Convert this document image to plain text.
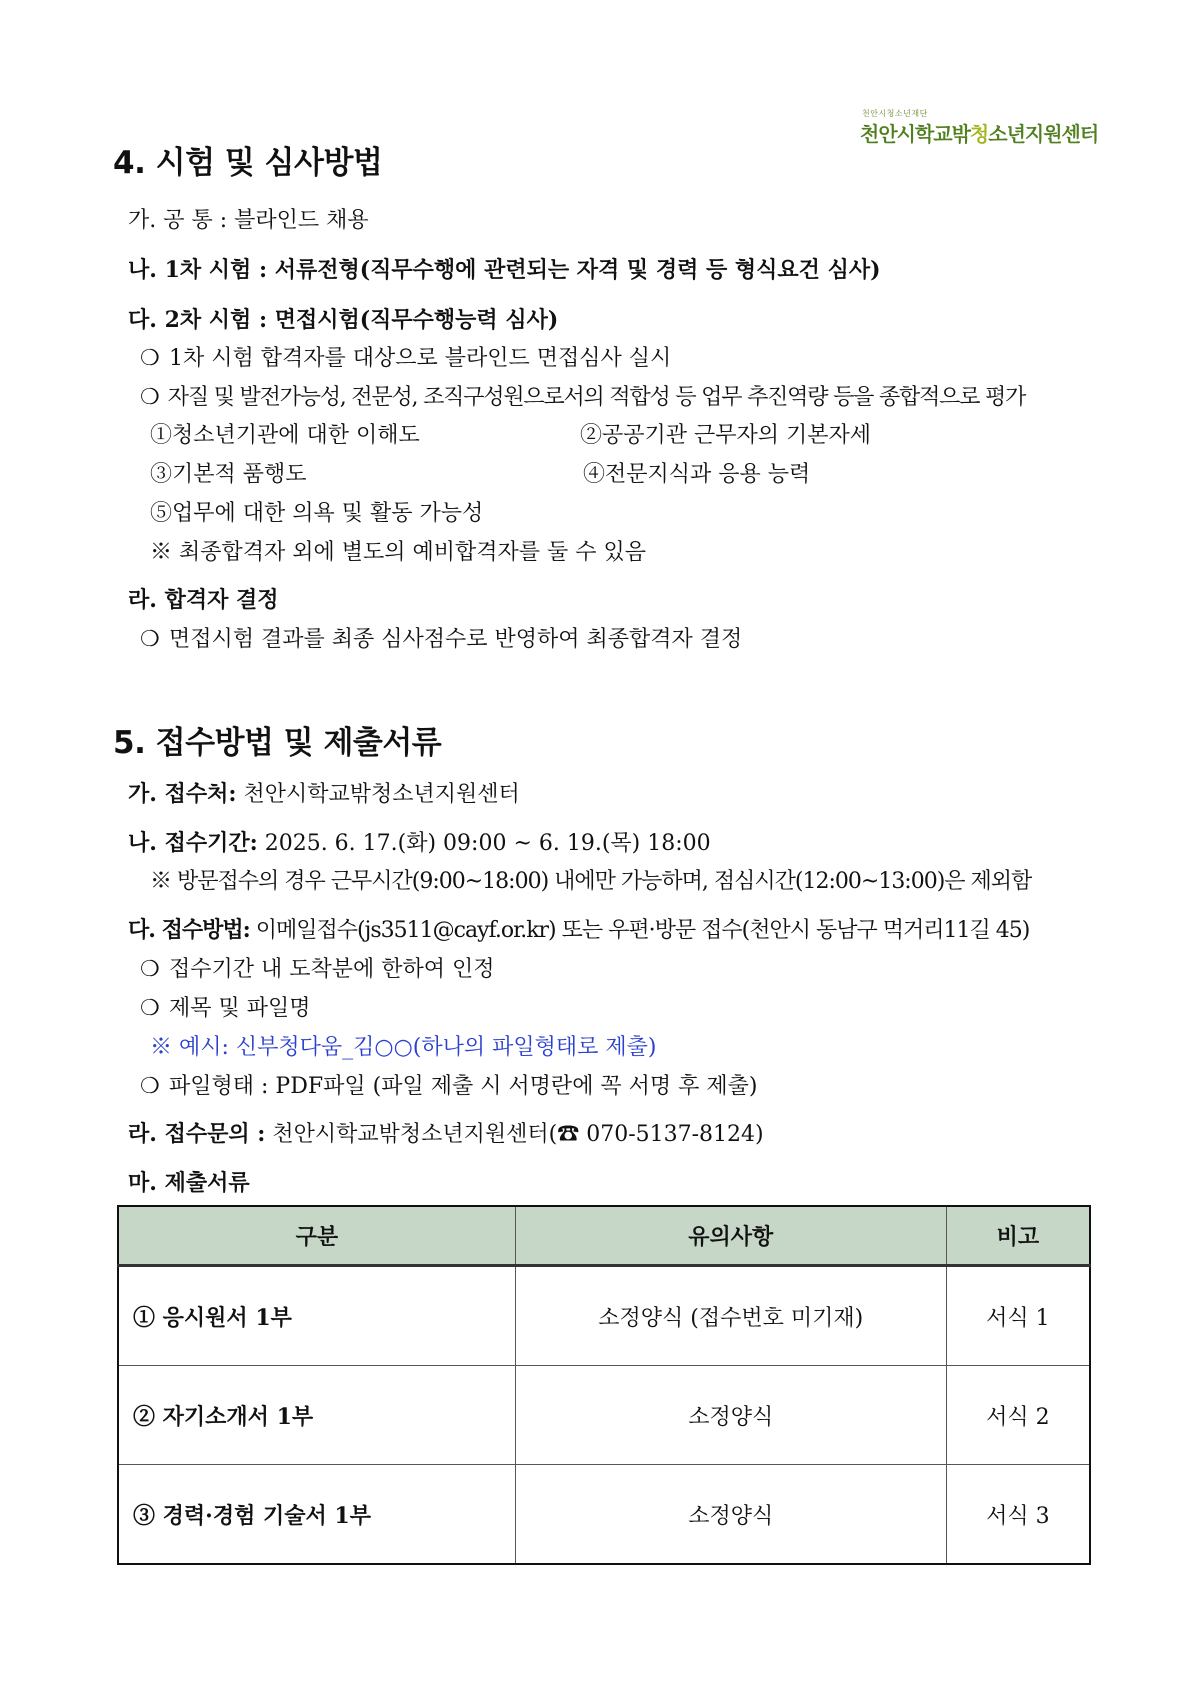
천안시청소년재단
천안시학교밖청소년지원센터
4. 시험 및 심사방법
가. 공 통 : 블라인드 채용
나. 1차 시험 : 서류전형(직무수행에 관련되는 자격 및 경력 등 형식요건 심사)
다. 2차 시험 : 면접시험(직무수행능력 심사)
❍ 1차 시험 합격자를 대상으로 블라인드 면접심사 실시
❍ 자질 및 발전가능성, 전문성, 조직구성원으로서의 적합성 등 업무 추진역량 등을 종합적으로 평가
①청소년기관에 대한 이해도	②공공기관 근무자의 기본자세
③기본적 품행도	④전문지식과 응용 능력
⑤업무에 대한 의욕 및 활동 가능성
※ 최종합격자 외에 별도의 예비합격자를 둘 수 있음
라. 합격자 결정
❍ 면접시험 결과를 최종 심사점수로 반영하여 최종합격자 결정
5. 접수방법 및 제출서류
가. 접수처: 천안시학교밖청소년지원센터
나. 접수기간: 2025. 6. 17.(화) 09:00 ~ 6. 19.(목) 18:00
※ 방문접수의 경우 근무시간(9:00~18:00) 내에만 가능하며, 점심시간(12:00~13:00)은 제외함
다. 접수방법: 이메일접수(js3511@cayf.or.kr) 또는 우편·방문 접수(천안시 동남구 먹거리11길 45)
❍ 접수기간 내 도착분에 한하여 인정
❍ 제목 및 파일명
※ 예시: 신부청다움_김○○(하나의 파일형태로 제출)
❍ 파일형태 : PDF파일 (파일 제출 시 서명란에 꼭 서명 후 제출)
라. 접수문의 : 천안시학교밖청소년지원센터(☎ 070-5137-8124)
마. 제출서류
구분	유의사항	비고
① 응시원서 1부	소정양식 (접수번호 미기재)	서식 1
② 자기소개서 1부	소정양식	서식 2
③ 경력·경험 기술서 1부	소정양식	서식 3
